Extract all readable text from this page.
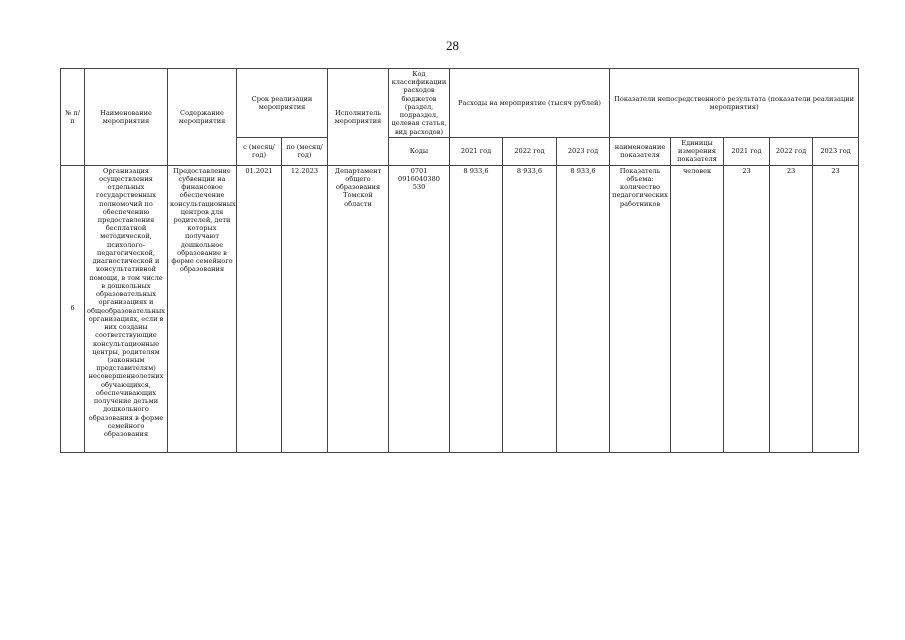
28
№ п/п	Наименование мероприятия	Содержание мероприятия	Срок реализации мероприятия		Исполнитель мероприятия	Код классификации расходов бюджетов (раздел, подраздел, целевая статья, вид расходов)	Расходы на мероприятие (тысяч рублей)			Показатели непосредственного результата (показатели реализации мероприятия)				
			с (месяц/ год)	по (месяц/год)		Коды	2021 год	2022 год	2023 год	наименование показателя	Единицы измерения показателя	2021 год	2022 год	2023 год
6	Организация осуществления отдельных государственных полномочий по обеспечению предоставления бесплатной методической, психолого-педагогической, диагностической и консультативной помощи, в том числе в дошкольных образовательных организациях и общеобразовательных организациях, если в них созданы соответствующие консультационные центры, родителям (законным представителям) несовершеннолетних обучающихся, обеспечивающих получение детьми дошкольного образования в форме семейного образования	Предоставление субвенции на финансовое обеспечение консультационных центров для родителей, дети которых получают дошкольное образование в форме семейного образования	01.2021	12.2023	Департамент общего образования Томской области	0701 0916040380 530	8 933,6	8 933,6	8 933,6	Показатель объема: количество педагогических работников	человек	23	23	23
